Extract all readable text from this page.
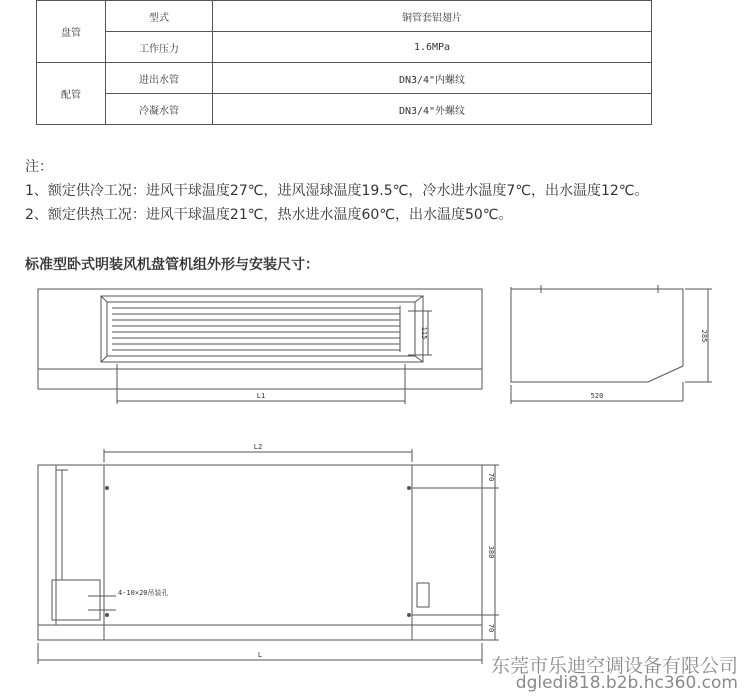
盘管	型式	铜管套铝翅片
	工作压力	1.6MPa
配管	进出水管	DN3/4"内螺纹
	冷凝水管	DN3/4"外螺纹
注：
1、额定供冷工况：进风干球温度27℃，进风湿球温度19.5℃，冷水进水温度7℃，出水温度12℃。
2、额定供热工况：进风干球温度21℃，热水进水温度60℃，出水温度50℃。
标准型卧式明装风机盘管机组外形与安装尺寸：
L1
115
520
285
L2
70
380
70
L
4-10×20吊装孔
东莞市乐迪空调设备有限公司
dgledi818.b2b.hc360.com
